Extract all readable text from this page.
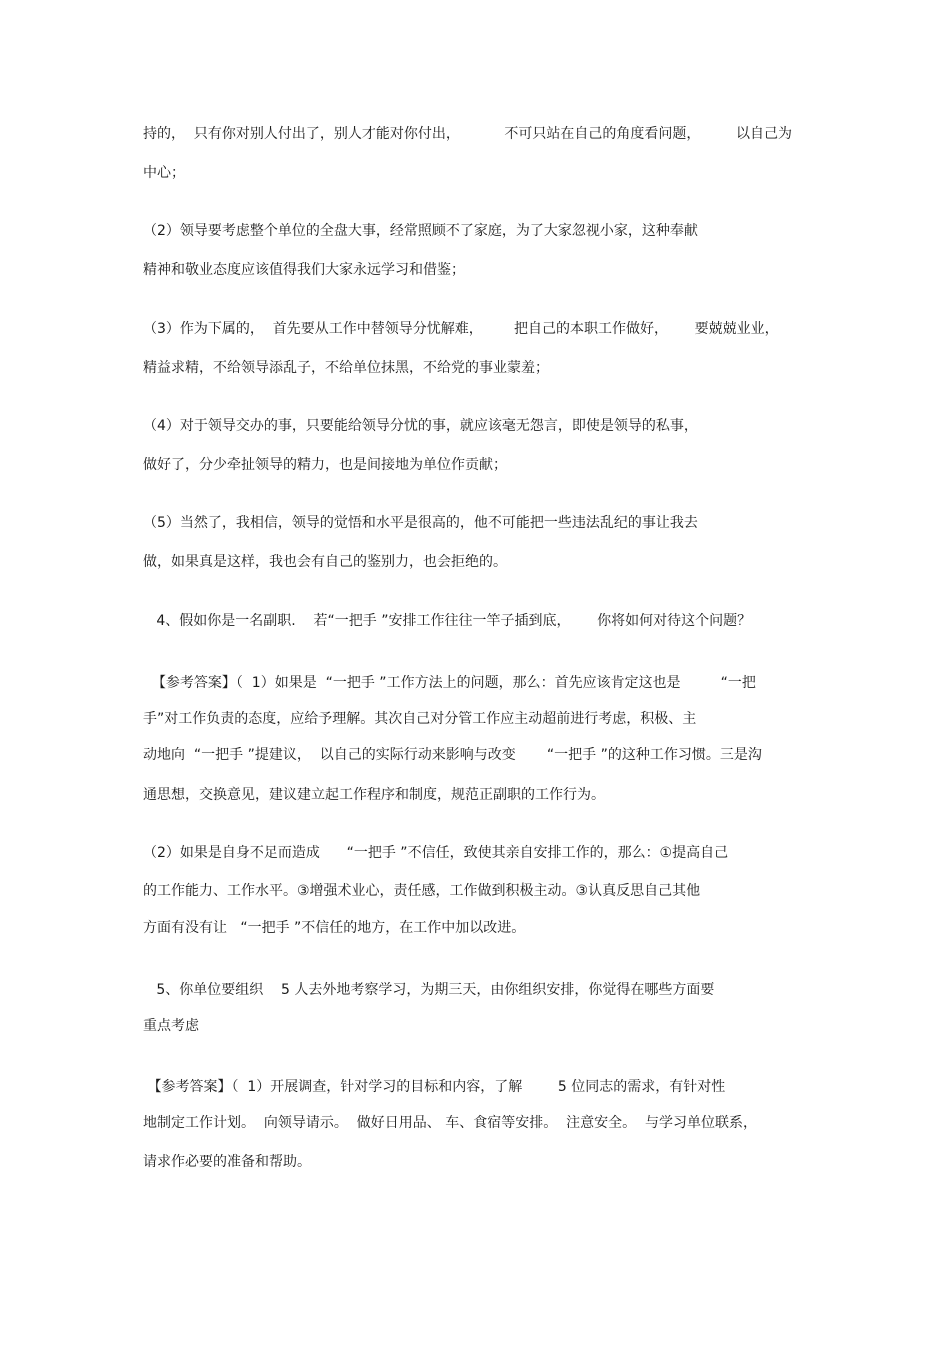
持的，  只有你对别人付出了，别人才能对你付出，          不可只站在自己的角度看问题，        以自己为
中心；
（2）领导要考虑整个单位的全盘大事，经常照顾不了家庭，为了大家忽视小家，这种奉献
精神和敬业态度应该值得我们大家永远学习和借鉴；
（3）作为下属的，  首先要从工作中替领导分忧解难，       把自己的本职工作做好，      要兢兢业业，
精益求精，不给领导添乱子，不给单位抹黑，不给党的事业蒙羞；
（4）对于领导交办的事，只要能给领导分忧的事，就应该毫无怨言，即使是领导的私事，
做好了，分少牵扯领导的精力，也是间接地为单位作贡献；
（5）当然了，我相信，领导的觉悟和水平是很高的，他不可能把一些违法乱纪的事让我去
做，如果真是这样，我也会有自己的鉴别力，也会拒绝的。
4、假如你是一名副职.    若“一把手 ”安排工作往往一竿子插到底，      你将如何对待这个问题？
【参考答案】（  1）如果是  “一把手 ”工作方法上的问题，那么：首先应该肯定这也是         “一把
手”对工作负责的态度，应给予理解。其次自己对分管工作应主动超前进行考虑，积极、主
动地向  “一把手 ”提建议，  以自己的实际行动来影响与改变       “一把手 ”的这种工作习惯。三是沟
通思想，交换意见，建议建立起工作程序和制度，规范正副职的工作行为。
（2）如果是自身不足而造成      “一把手 ”不信任，致使其亲自安排工作的，那么：①提高自己
的工作能力、工作水平。③增强术业心，责任感，工作做到积极主动。③认真反思自己其他
方面有没有让   “一把手 ”不信任的地方，在工作中加以改进。
5、你单位要组织    5 人去外地考察学习，为期三天，由你组织安排，你觉得在哪些方面要
重点考虑
【参考答案】（  1）开展调查，针对学习的目标和内容，了解        5 位同志的需求，有针对性
地制定工作计划。  向领导请示。  做好日用品、 车、食宿等安排。  注意安全。  与学习单位联系，
请求作必要的准备和帮助。
